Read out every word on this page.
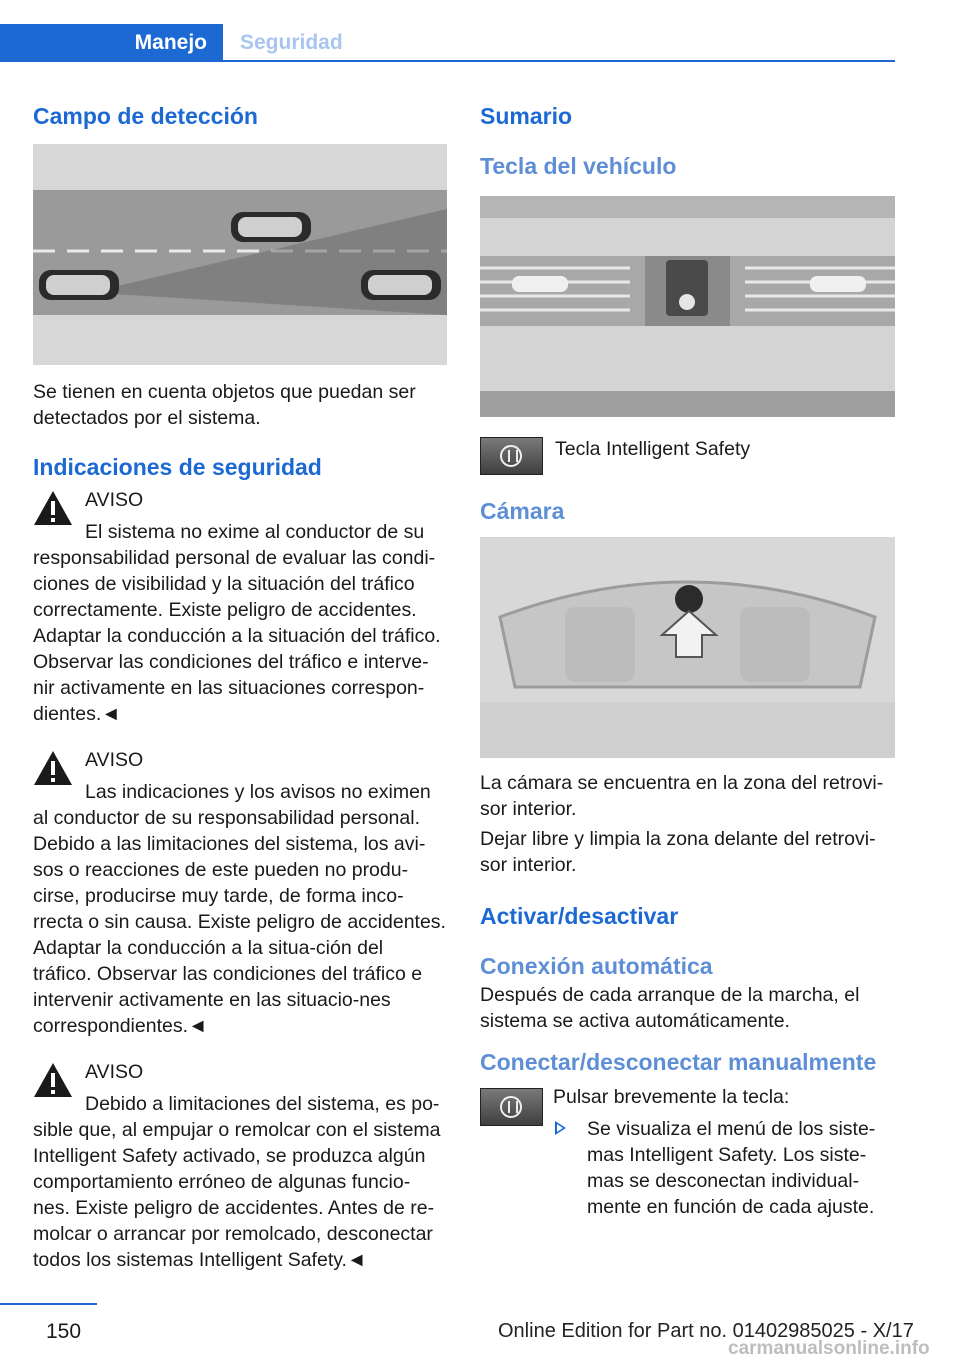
Manejo	Seguridad
Campo de detección

Se tienen en cuenta objetos que puedan ser detectados por el sistema.

Indicaciones de seguridad
AVISO

El sistema no exime al conductor de su responsabilidad personal de evaluar las condi-ciones de visibilidad y la situación del tráfico correctamente. Existe peligro de accidentes. Adaptar la conducción a la situación del tráfico. Observar las condiciones del tráfico e interve-nir activamente en las situaciones correspon-dientes.◄

AVISO

Las indicaciones y los avisos no eximen al conductor de su responsabilidad personal. Debido a las limitaciones del sistema, los avi-sos o reacciones de este pueden no produ-cirse, producirse muy tarde, de forma inco-rrecta o sin causa. Existe peligro de accidentes. Adaptar la conducción a la situa-ción del tráfico. Observar las condiciones del tráfico e intervenir activamente en las situacio-nes correspondientes.◄

AVISO

Debido a limitaciones del sistema, es po-sible que, al empujar o remolcar con el sistema Intelligent Safety activado, se produzca algún comportamiento erróneo de algunas funcio-nes. Existe peligro de accidentes. Antes de re-molcar o arrancar por remolcado, desconectar todos los sistemas Intelligent Safety.◄

Sumario
Tecla del vehículo

Tecla Intelligent Safety

Cámara

La cámara se encuentra en la zona del retrovi-sor interior.

Dejar libre y limpia la zona delante del retrovi-sor interior.

Activar/desactivar
Conexión automática

Después de cada arranque de la marcha, el sistema se activa automáticamente.

Conectar/desconectar manualmente

Pulsar brevemente la tecla:

Se visualiza el menú de los siste-mas Intelligent Safety. Los siste-mas se desconectan individual-mente en función de cada ajuste.

150	Online Edition for Part no. 01402985025 - X/17
carmanualsonline.info
